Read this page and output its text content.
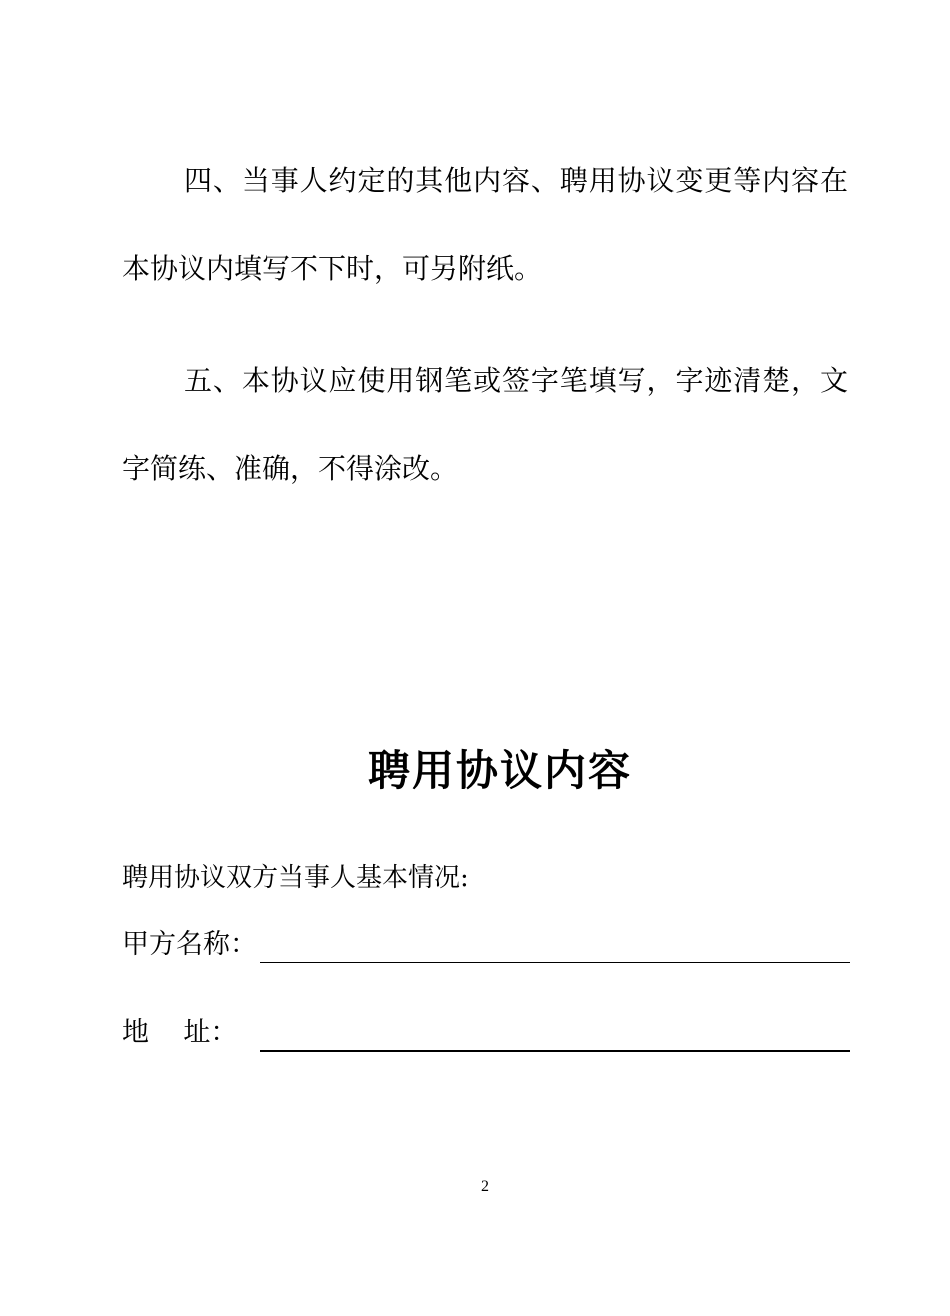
四、当事人约定的其他内容、聘用协议变更等内容在本协议内填写不下时，可另附纸。

五、本协议应使用钢笔或签字笔填写，字迹清楚，文字简练、准确，不得涂改。

聘用协议内容

聘用协议双方当事人基本情况:

甲方名称：
地    址：
2
